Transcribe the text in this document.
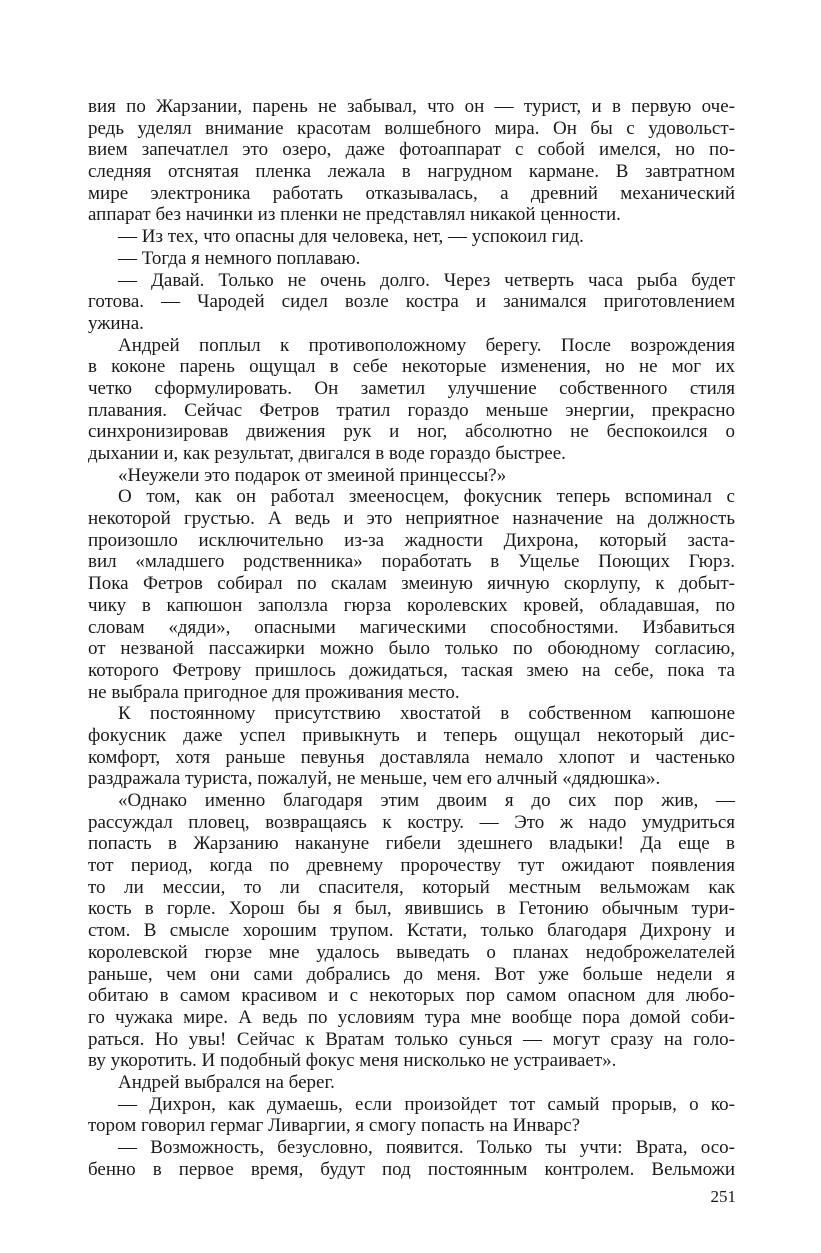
вия по Жарзании, парень не забывал, что он — турист, и в первую оче-
редь уделял внимание красотам волшебного мира. Он бы с удовольст-
вием запечатлел это озеро, даже фотоаппарат с собой имелся, но по-
следняя отснятая пленка лежала в нагрудном кармане. В завтратном
мире электроника работать отказывалась, а древний механический
аппарат без начинки из пленки не представлял никакой ценности.
— Из тех, что опасны для человека, нет, — успокоил гид.
— Тогда я немного поплаваю.
— Давай. Только не очень долго. Через четверть часа рыба будет
готова. — Чародей сидел возле костра и занимался приготовлением
ужина.
Андрей поплыл к противоположному берегу. После возрождения
в коконе парень ощущал в себе некоторые изменения, но не мог их
четко сформулировать. Он заметил улучшение собственного стиля
плавания. Сейчас Фетров тратил гораздо меньше энергии, прекрасно
синхронизировав движения рук и ног, абсолютно не беспокоился о
дыхании и, как результат, двигался в воде гораздо быстрее.
«Неужели это подарок от змеиной принцессы?»
О том, как он работал змееносцем, фокусник теперь вспоминал с
некоторой грустью. А ведь и это неприятное назначение на должность
произошло исключительно из-за жадности Дихрона, который заста-
вил «младшего родственника» поработать в Ущелье Поющих Гюрз.
Пока Фетров собирал по скалам змеиную яичную скорлупу, к добыт-
чику в капюшон заползла гюрза королевских кровей, обладавшая, по
словам «дяди», опасными магическими способностями. Избавиться
от незваной пассажирки можно было только по обоюдному согласию,
которого Фетрову пришлось дожидаться, таская змею на себе, пока та
не выбрала пригодное для проживания место.
К постоянному присутствию хвостатой в собственном капюшоне
фокусник даже успел привыкнуть и теперь ощущал некоторый дис-
комфорт, хотя раньше певунья доставляла немало хлопот и частенько
раздражала туриста, пожалуй, не меньше, чем его алчный «дядюшка».
«Однако именно благодаря этим двоим я до сих пор жив, —
рассуждал пловец, возвращаясь к костру. — Это ж надо умудриться
попасть в Жарзанию накануне гибели здешнего владыки! Да еще в
тот период, когда по древнему пророчеству тут ожидают появления
то ли мессии, то ли спасителя, который местным вельможам как
кость в горле. Хорош бы я был, явившись в Гетонию обычным тури-
стом. В смысле хорошим трупом. Кстати, только благодаря Дихрону и
королевской гюрзе мне удалось выведать о планах недоброжелателей
раньше, чем они сами добрались до меня. Вот уже больше недели я
обитаю в самом красивом и с некоторых пор самом опасном для любо-
го чужака мире. А ведь по условиям тура мне вообще пора домой соби-
раться. Но увы! Сейчас к Вратам только сунься — могут сразу на голо-
ву укоротить. И подобный фокус меня нисколько не устраивает».
Андрей выбрался на берег.
— Дихрон, как думаешь, если произойдет тот самый прорыв, о ко-
тором говорил гермаг Ливаргии, я смогу попасть на Инварс?
— Возможность, безусловно, появится. Только ты учти: Врата, осо-
бенно в первое время, будут под постоянным контролем. Вельможи
251
